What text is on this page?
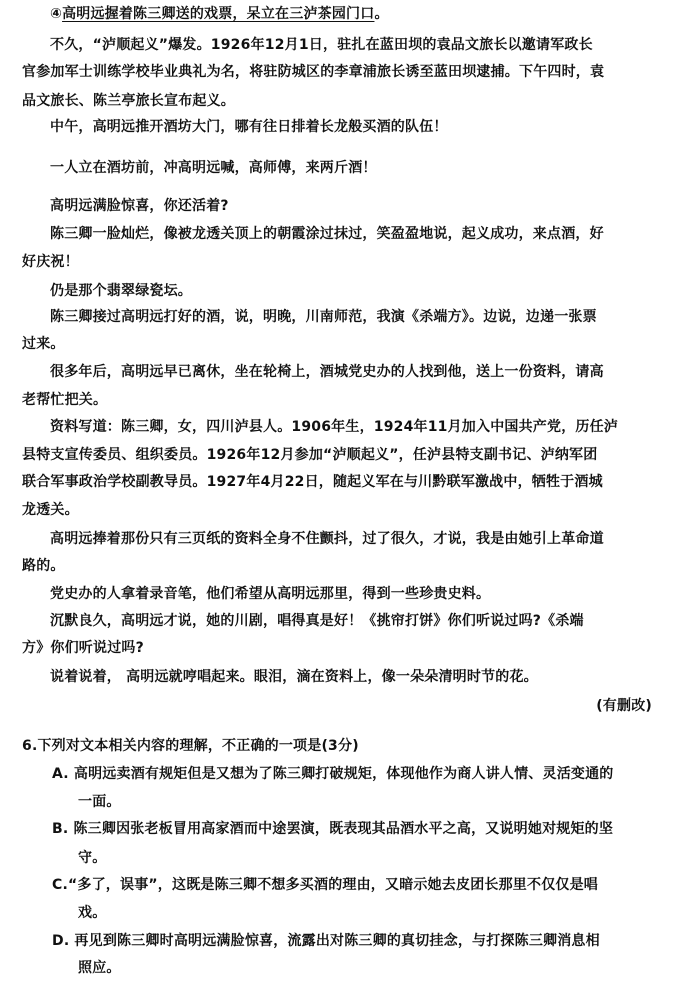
④高明远握着陈三卿送的戏票，呆立在三泸茶园门口。
不久，“泸顺起义”爆发。1926年12月1日，驻扎在蓝田坝的袁品文旅长以邀请军政长
官参加军士训练学校毕业典礼为名，将驻防城区的李章浦旅长诱至蓝田坝逮捕。下午四时，袁
品文旅长、陈兰亭旅长宣布起义。
中午，高明远推开酒坊大门，哪有往日排着长龙般买酒的队伍！
一人立在酒坊前，冲高明远喊，高师傅，来两斤酒！
高明远满脸惊喜，你还活着?
陈三卿一脸灿烂，像被龙透关顶上的朝霞涂过抹过，笑盈盈地说，起义成功，来点酒，好
好庆祝！
仍是那个翡翠绿瓷坛。
陈三卿接过高明远打好的酒，说，明晚，川南师范，我演《杀端方》。边说，边递一张票
过来。
很多年后，高明远早已离休，坐在轮椅上，酒城党史办的人找到他，送上一份资料，请高
老帮忙把关。
资料写道：陈三卿，女，四川泸县人。1906年生，1924年11月加入中国共产党，历任泸
县特支宣传委员、组织委员。1926年12月参加“泸顺起义”，任泸县特支副书记、泸纳军团
联合军事政治学校副教导员。1927年4月22日，随起义军在与川黔联军激战中，牺牲于酒城
龙透关。
高明远捧着那份只有三页纸的资料全身不住颤抖，过了很久，才说，我是由她引上革命道
路的。
党史办的人拿着录音笔，他们希望从高明远那里，得到一些珍贵史料。
沉默良久，高明远才说，她的川剧，唱得真是好！《挑帘打饼》你们听说过吗?《杀端
方》你们听说过吗?
说着说着， 高明远就哼唱起来。眼泪，滴在资料上，像一朵朵清明时节的花。
(有删改)
6.下列对文本相关内容的理解，不正确的一项是(3分)
A. 高明远卖酒有规矩但是又想为了陈三卿打破规矩，体现他作为商人讲人情、灵活变通的
一面。
B. 陈三卿因张老板冒用高家酒而中途罢演，既表现其品酒水平之高，又说明她对规矩的坚
守。
C.“多了，误事”，这既是陈三卿不想多买酒的理由，又暗示她去皮团长那里不仅仅是唱
戏。
D. 再见到陈三卿时高明远满脸惊喜，流露出对陈三卿的真切挂念，与打探陈三卿消息相
照应。
